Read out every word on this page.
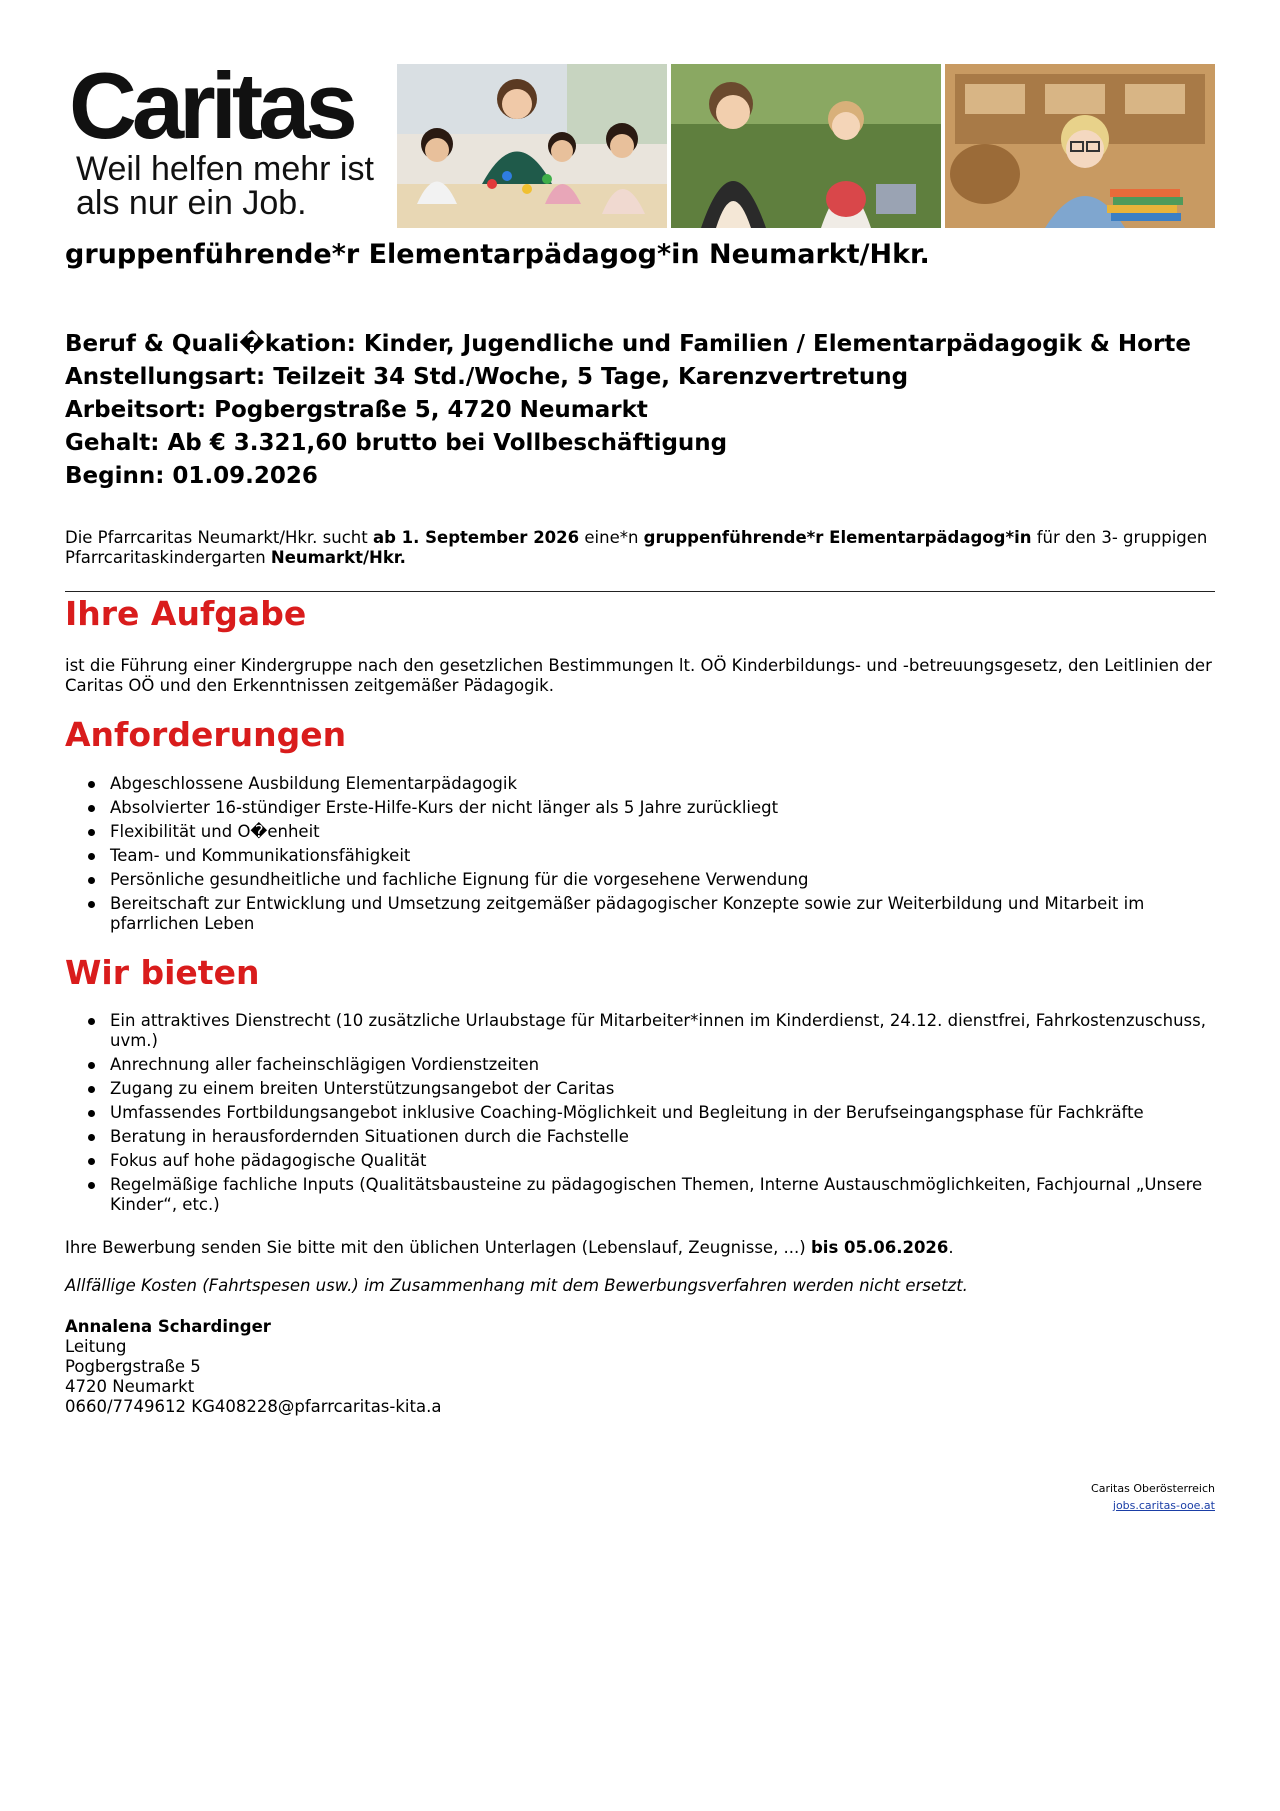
Caritas
Weil helfen mehr ist
als nur ein Job.
gruppenführende*r Elementarpädagog*in Neumarkt/Hkr.
Beruf & Quali�kation: Kinder, Jugendliche und Familien / Elementarpädagogik & Horte
Anstellungsart: Teilzeit 34 Std./Woche, 5 Tage, Karenzvertretung
Arbeitsort: Pogbergstraße 5, 4720 Neumarkt
Gehalt: Ab € 3.321,60 brutto bei Vollbeschäftigung
Beginn: 01.09.2026
Die Pfarrcaritas Neumarkt/Hkr. sucht ab 1. September 2026 eine*n gruppenführende*r Elementarpädagog*in für den 3- gruppigen Pfarrcaritaskindergarten Neumarkt/Hkr.
Ihre Aufgabe
ist die Führung einer Kindergruppe nach den gesetzlichen Bestimmungen lt. OÖ Kinderbildungs- und -betreuungsgesetz, den Leitlinien der Caritas OÖ und den Erkenntnissen zeitgemäßer Pädagogik.
Anforderungen
Abgeschlossene Ausbildung Elementarpädagogik
Absolvierter 16-stündiger Erste-Hilfe-Kurs der nicht länger als 5 Jahre zurückliegt
Flexibilität und O�enheit
Team- und Kommunikationsfähigkeit
Persönliche gesundheitliche und fachliche Eignung für die vorgesehene Verwendung
Bereitschaft zur Entwicklung und Umsetzung zeitgemäßer pädagogischer Konzepte sowie zur Weiterbildung und Mitarbeit im pfarrlichen Leben
Wir bieten
Ein attraktives Dienstrecht (10 zusätzliche Urlaubstage für Mitarbeiter*innen im Kinderdienst, 24.12. dienstfrei, Fahrkostenzuschuss, uvm.)
Anrechnung aller facheinschlägigen Vordienstzeiten
Zugang zu einem breiten Unterstützungsangebot der Caritas
Umfassendes Fortbildungsangebot inklusive Coaching-Möglichkeit und Begleitung in der Berufseingangsphase für Fachkräfte
Beratung in herausfordernden Situationen durch die Fachstelle
Fokus auf hohe pädagogische Qualität
Regelmäßige fachliche Inputs (Qualitätsbausteine zu pädagogischen Themen, Interne Austauschmöglichkeiten, Fachjournal „Unsere Kinder“, etc.)
Ihre Bewerbung senden Sie bitte mit den üblichen Unterlagen (Lebenslauf, Zeugnisse, ...) bis 05.06.2026.
Allfällige Kosten (Fahrtspesen usw.) im Zusammenhang mit dem Bewerbungsverfahren werden nicht ersetzt.
Annalena Schardinger
Leitung
Pogbergstraße 5
4720 Neumarkt
0660/7749612 KG408228@pfarrcaritas-kita.a
Caritas Oberösterreich
jobs.caritas-ooe.at
